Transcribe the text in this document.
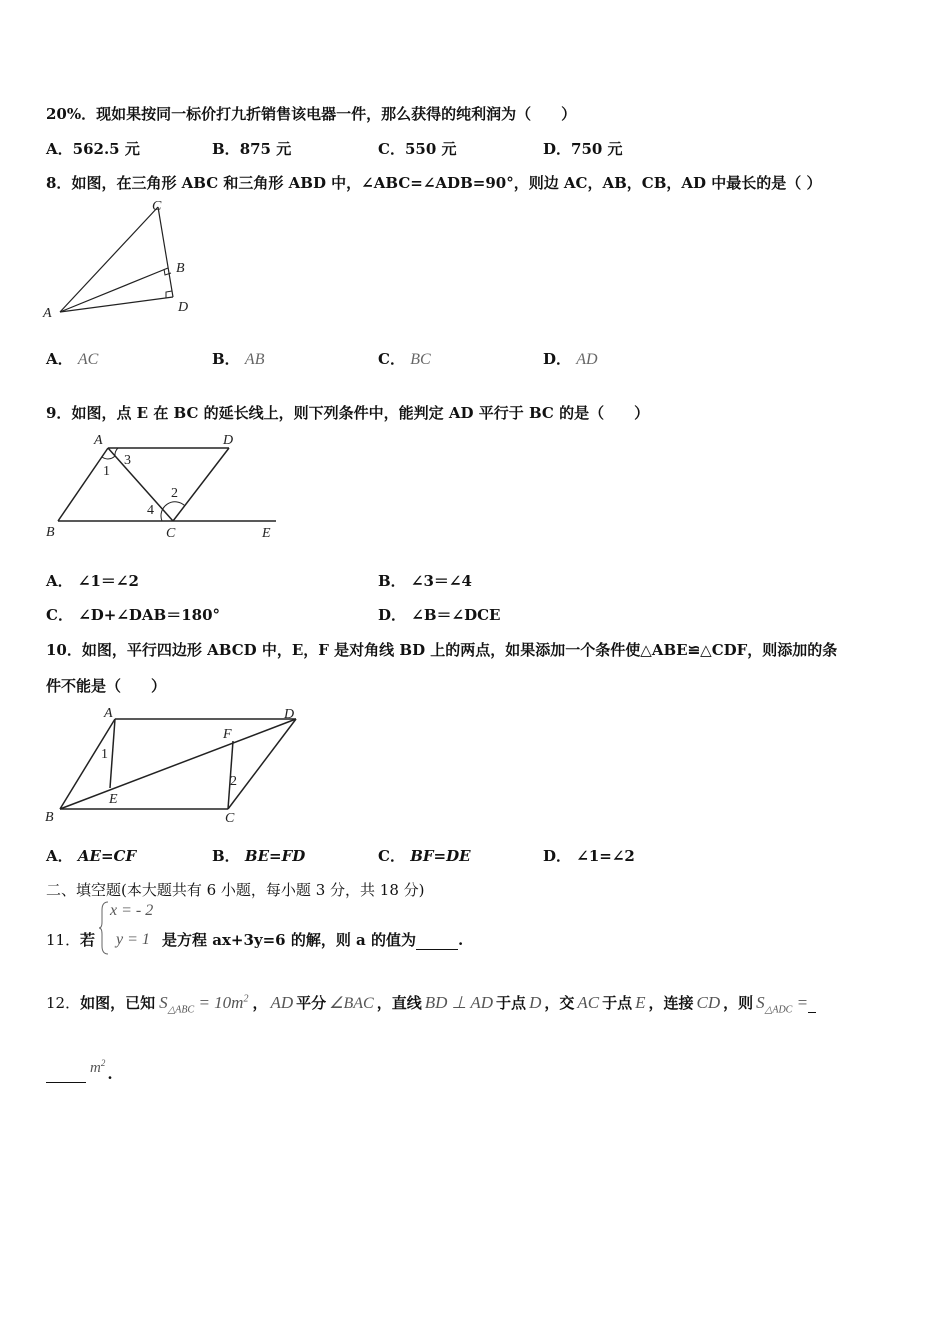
20%．现如果按同一标价打九折销售该电器一件，那么获得的纯利润为（　　）
A．562.5 元	B．875 元	C．550 元	D．750 元
8．如图，在三角形 ABC 和三角形 ABD 中，∠ABC=∠ADB=90°，则边 AC，AB，CB，AD 中最长的是（ ）
A
B
C
D
A． AC	B． AB	C． BC	D． AD
9．如图，点 E 在 BC 的延长线上，则下列条件中，能判定 AD 平行于 BC 的是（　　）
A	D
B	C	E
1
2
3
4
A． ∠1＝∠2	B． ∠3＝∠4
C． ∠D+∠DAB＝180°	D． ∠B＝∠DCE
10．如图，平行四边形 ABCD 中，E，F 是对角线 BD 上的两点，如果添加一个条件使△ABE≌△CDF，则添加的条
件不能是（　　）
A	D
B	C
E
F
1
2
A． AE=CF	B． BE=FD	C． BF=DE	D． ∠1=∠2
二、填空题(本大题共有 6 小题，每小题 3 分，共 18 分)
11． 若
x = - 2
y = 1 是方程 ax+3y=6 的解，则 a 的值为	.
12． 如图，已知 $S_{\triangle ABC} = 10m^2$ ， AD 平分 ∠BAC ，直线 BD ⊥ AD 于点 D ，交 AC 于点 E ，连接 CD ，则 $S_{\triangle ADC}$ =

$m^2$
.
